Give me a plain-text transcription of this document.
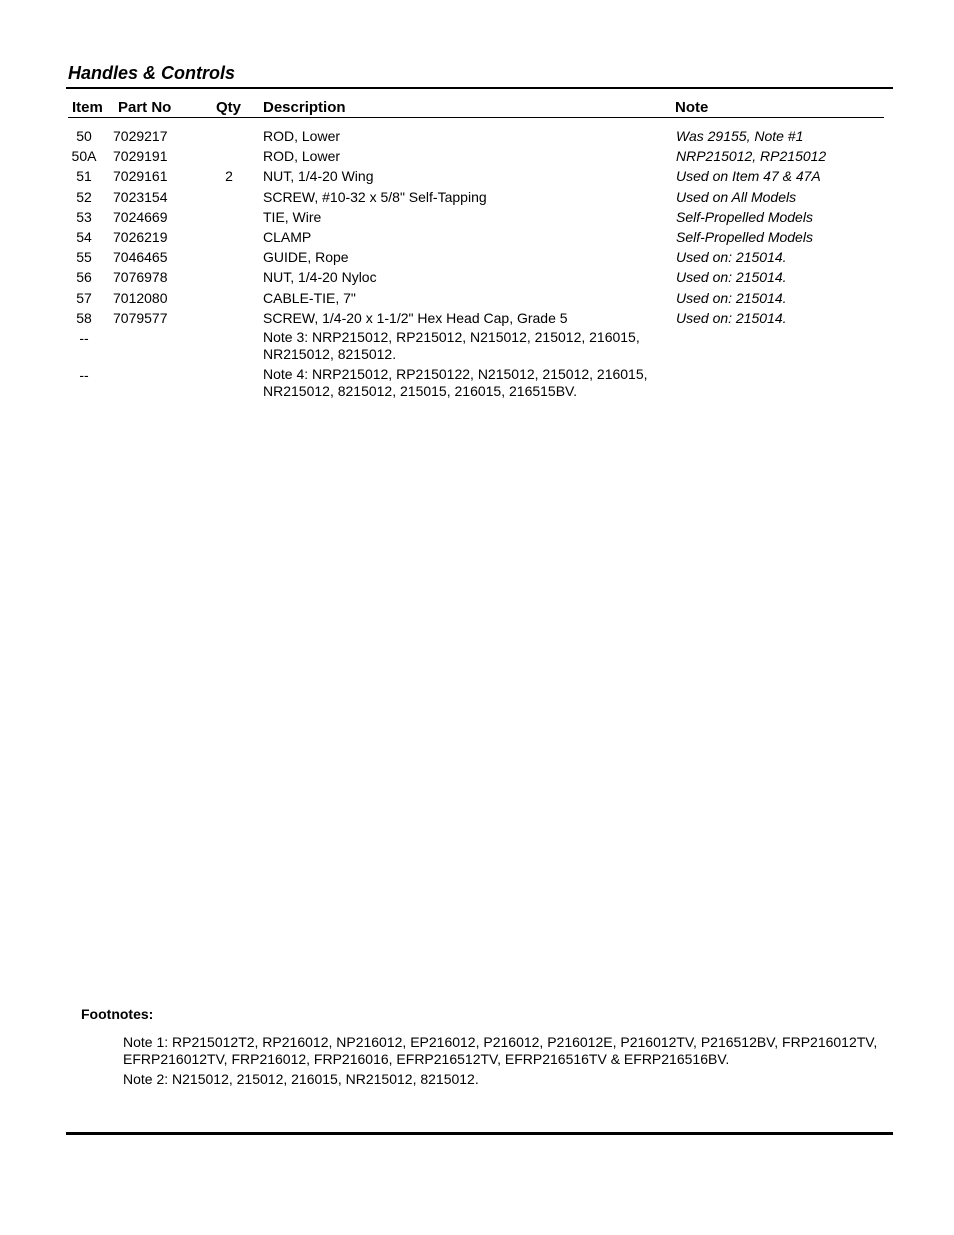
Handles & Controls
Item Part No	Qty Description	Note
50	7029217	ROD, Lower	Was 29155, Note #1
50A	7029191	ROD, Lower	NRP215012, RP215012
51	7029161	2	NUT, 1/4-20 Wing	Used on Item 47 & 47A
52	7023154	SCREW, #10-32 x 5/8" Self-Tapping	Used on All Models
53	7024669	TIE, Wire	Self-Propelled Models
54	7026219	CLAMP	Self-Propelled Models
55	7046465	GUIDE, Rope	Used on: 215014.
56	7076978	NUT, 1/4-20 Nyloc	Used on: 215014.
57	7012080	CABLE-TIE, 7"	Used on: 215014.
58	7079577	SCREW, 1/4-20 x 1-1/2" Hex Head Cap, Grade 5	Used on: 215014.
--	Note 3: NRP215012, RP215012, N215012, 215012, 216015, NR215012, 8215012.
--	Note 4: NRP215012, RP2150122, N215012, 215012, 216015, NR215012, 8215012, 215015, 216015, 216515BV.
Footnotes:
Note 1: RP215012T2, RP216012, NP216012, EP216012, P216012, P216012E, P216012TV, P216512BV, FRP216012TV, EFRP216012TV, FRP216012, FRP216016, EFRP216512TV, EFRP216516TV & EFRP216516BV.
Note 2: N215012, 215012, 216015, NR215012, 8215012.
